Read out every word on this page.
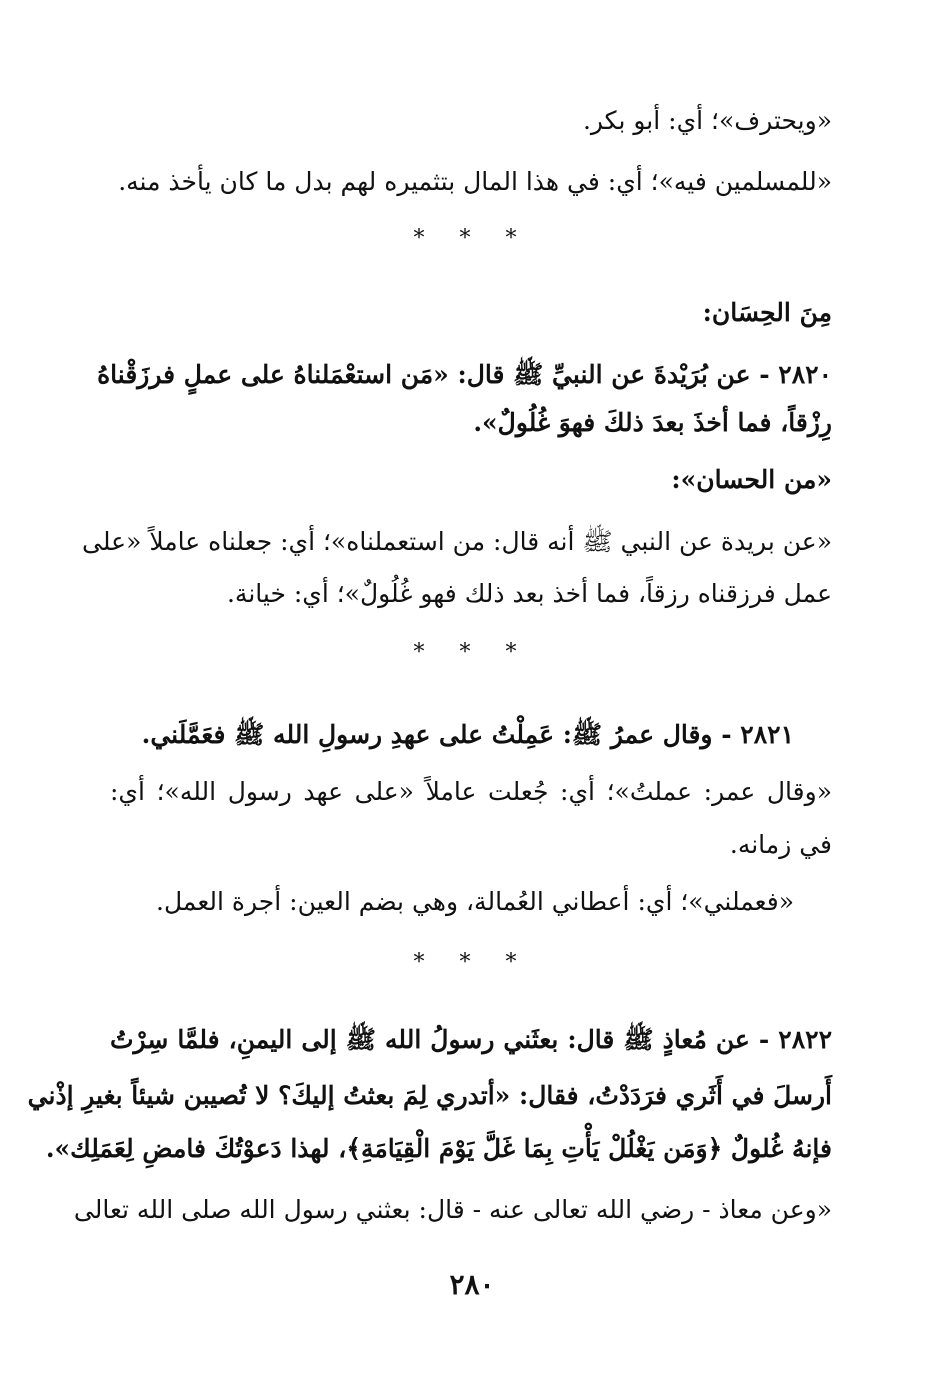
«ويحترف»؛ أي: أبو بكر.
«للمسلمين فيه»؛ أي: في هذا المال بتثميره لهم بدل ما كان يأخذ منه.
* * *
مِنَ الحِسَان:
٢٨٢٠ - عن بُرَيْدةَ عن النبيِّ ﷺ قال: «مَن استعْمَلناهُ على عملٍ فرزَقْناهُ
رِزْقاً، فما أخذَ بعدَ ذلكَ فهوَ غُلُولٌ».
«من الحسان»:
«عن بريدة عن النبي ﷺ أنه قال: من استعملناه»؛ أي: جعلناه عاملاً «على
عمل فرزقناه رزقاً، فما أخذ بعد ذلك فهو غُلُولٌ»؛ أي: خيانة.
* * *
٢٨٢١ - وقال عمرُ ﷺ: عَمِلْتُ على عهدِ رسولِ الله ﷺ فعَمَّلَني.
«وقال عمر: عملتُ»؛ أي: جُعلت عاملاً «على عهد رسول الله»؛ أي:
في زمانه.
«فعملني»؛ أي: أعطاني العُمالة، وهي بضم العين: أجرة العمل.
* * *
٢٨٢٢ - عن مُعاذٍ ﷺ قال: بعثَني رسولُ الله ﷺ إلى اليمنِ، فلمَّا سِرْتُ
أَرسلَ في أَثَري فرَدَدْتُ، فقال: «أتدري لِمَ بعثتُ إليكَ؟ لا تُصيبن شيئاً بغيرِ إذْني
فإنهُ غُلولٌ ﴿وَمَن يَغْلُلْ يَأْتِ بِمَا غَلَّ يَوْمَ الْقِيَامَةِ﴾، لهذا دَعوْتُكَ فامضِ لِعَمَلِك».
«وعن معاذ - رضي الله تعالى عنه - قال: بعثني رسول الله صلى الله تعالى
٢٨٠
